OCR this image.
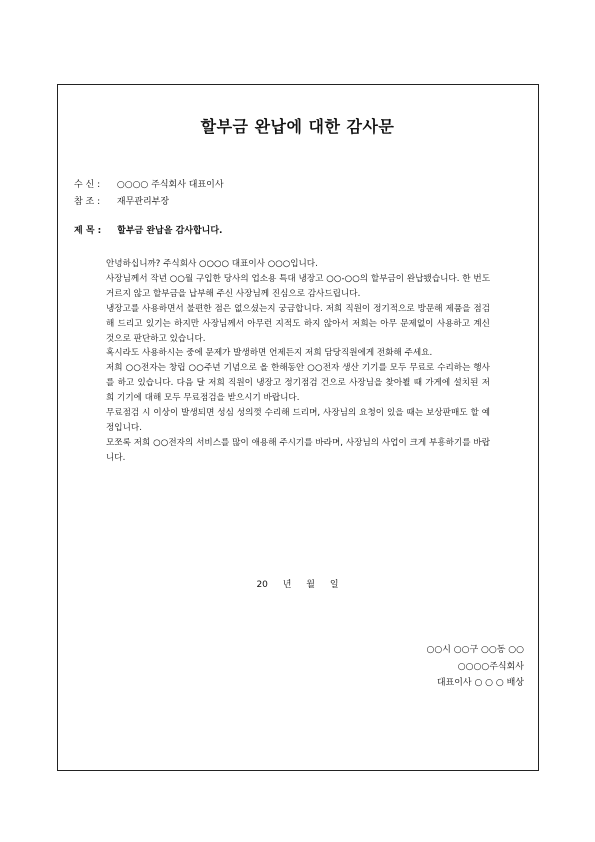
할부금 완납에 대한 감사문
수 신 : ○○○○ 주식회사 대표이사
참 조 : 재무관리부장
제 목 : 할부금 완납을 감사합니다.

안녕하십니까? 주식회사 ○○○○ 대표이사 ○○○입니다.

사장님께서 작년 ○○월 구입한 당사의 업소용 특대 냉장고 ○○-○○의 할부금이 완납됐습니다. 한 번도 거르지 않고 할부금을 납부해 주신 사장님께 진심으로 감사드립니다.

냉장고를 사용하면서 불편한 점은 없으셨는지 궁금합니다. 저희 직원이 정기적으로 방문해 제품을 점검해 드리고 있기는 하지만 사장님께서 아무런 지적도 하지 않아서 저희는 아무 문제없이 사용하고 계신 것으로 판단하고 있습니다.

혹시라도 사용하시는 중에 문제가 발생하면 언제든지 저희 담당직원에게 전화해 주세요.

저희 ○○전자는 창립 ○○주년 기념으로 올 한해동안 ○○전자 생산 기기를 모두 무료로 수리하는 행사를 하고 있습니다. 다음 달 저희 직원이 냉장고 정기점검 건으로 사장님을 찾아뵐 때 가게에 설치된 저희 기기에 대해 모두 무료점검을 받으시기 바랍니다.

무료점검 시 이상이 발생되면 성심 성의껏 수리해 드리며, 사장님의 요청이 있을 때는 보상판매도 할 예정입니다.

모쪼록 저희 ○○전자의 서비스를 많이 애용해 주시기를 바라며, 사장님의 사업이 크게 부흥하기를 바랍니다.

20 년 월 일
○○시 ○○구 ○○동 ○○
○○○○주식회사
대표이사 ○ ○ ○ 배상
